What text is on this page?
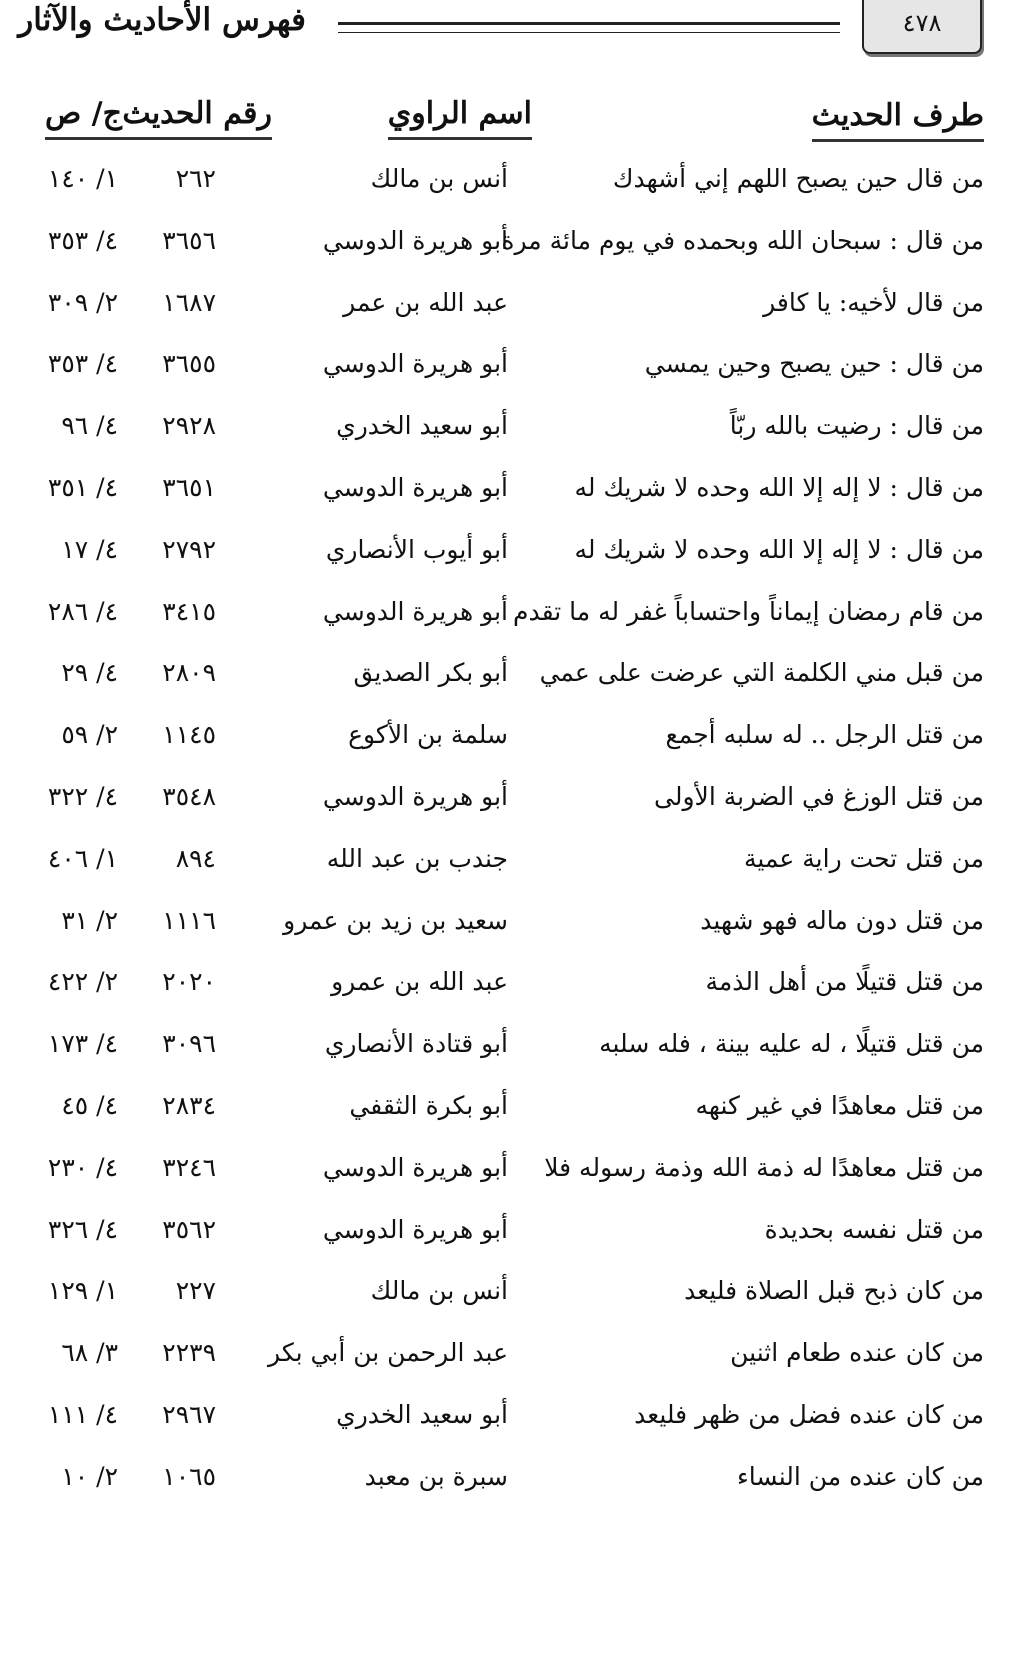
٤٧٨
فهرس الأحاديث والآثار
طرف الحديث
اسم الراوي
رقم الحديث
ج/ ص
من قال حين يصبح اللهم إني أشهدك
أنس بن مالك
٢٦٢
١/ ١٤٠
من قال : سبحان الله وبحمده في يوم مائة مرة
أبو هريرة الدوسي
٣٦٥٦
٤/ ٣٥٣
من قال لأخيه: يا كافر
عبد الله بن عمر
١٦٨٧
٢/ ٣٠٩
من قال : حين يصبح وحين يمسي
أبو هريرة الدوسي
٣٦٥٥
٤/ ٣٥٣
من قال : رضيت بالله ربّاً
أبو سعيد الخدري
٢٩٢٨
٤/ ٩٦
من قال : لا إله إلا الله وحده لا شريك له
أبو هريرة الدوسي
٣٦٥١
٤/ ٣٥١
من قال : لا إله إلا الله وحده لا شريك له
أبو أيوب الأنصاري
٢٧٩٢
٤/ ١٧
من قام رمضان إيماناً واحتساباً غفر له ما تقدم
أبو هريرة الدوسي
٣٤١٥
٤/ ٢٨٦
من قبل مني الكلمة التي عرضت على عمي
أبو بكر الصديق
٢٨٠٩
٤/ ٢٩
من قتل الرجل .. له سلبه أجمع
سلمة بن الأكوع
١١٤٥
٢/ ٥٩
من قتل الوزغ في الضربة الأولى
أبو هريرة الدوسي
٣٥٤٨
٤/ ٣٢٢
من قتل تحت راية عمية
جندب بن عبد الله
٨٩٤
١/ ٤٠٦
من قتل دون ماله فهو شهيد
سعيد بن زيد بن عمرو
١١١٦
٢/ ٣١
من قتل قتيلًا من أهل الذمة
عبد الله بن عمرو
٢٠٢٠
٢/ ٤٢٢
من قتل قتيلًا ، له عليه بينة ، فله سلبه
أبو قتادة الأنصاري
٣٠٩٦
٤/ ١٧٣
من قتل معاهدًا في غير كنهه
أبو بكرة الثقفي
٢٨٣٤
٤/ ٤٥
من قتل معاهدًا له ذمة الله وذمة رسوله فلا
أبو هريرة الدوسي
٣٢٤٦
٤/ ٢٣٠
من قتل نفسه بحديدة
أبو هريرة الدوسي
٣٥٦٢
٤/ ٣٢٦
من كان ذبح قبل الصلاة فليعد
أنس بن مالك
٢٢٧
١/ ١٢٩
من كان عنده طعام اثنين
عبد الرحمن بن أبي بكر
٢٢٣٩
٣/ ٦٨
من كان عنده فضل من ظهر فليعد
أبو سعيد الخدري
٢٩٦٧
٤/ ١١١
من كان عنده من النساء
سبرة بن معبد
١٠٦٥
٢/ ١٠
